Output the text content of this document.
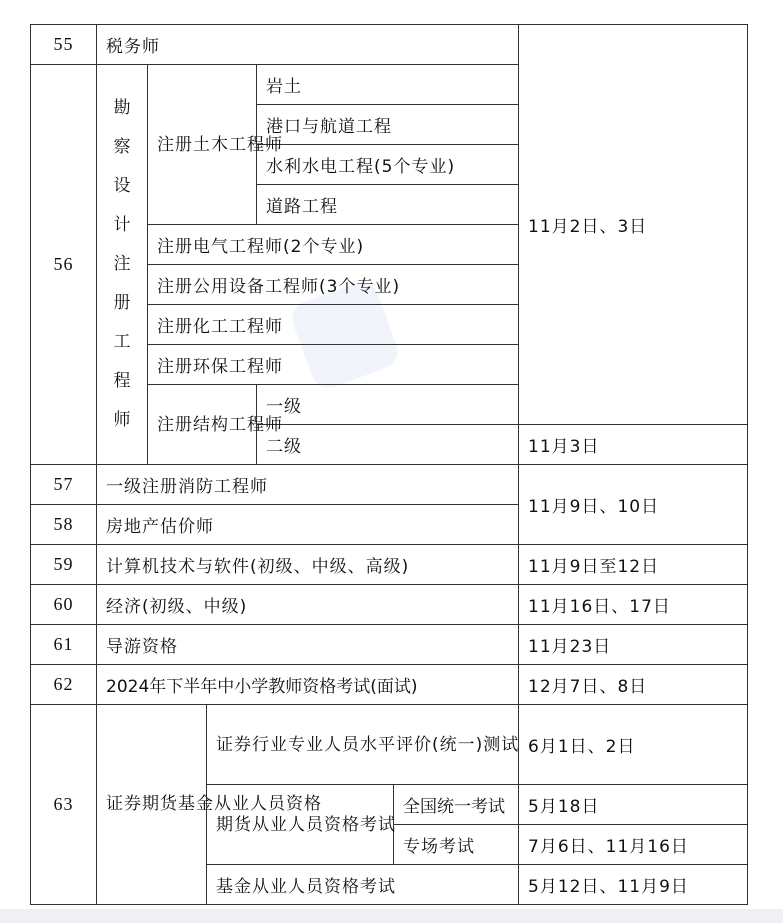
55	税务师					11月2日、3日
56	勘察设计注册工程师	注册土木工程师		岩土		
				港口与航道工程		
				水利水电工程(5个专业)		
				道路工程		
		注册电气工程师(2个专业)				
		注册公用设备工程师(3个专业)				
		注册化工工程师				
		注册环保工程师				
		注册结构工程师		一级		
				二级		11月3日
57	一级注册消防工程师					11月9日、10日
58	房地产估价师					
59	计算机技术与软件(初级、中级、高级)					11月9日至12日
60	经济(初级、中级)					11月16日、17日
61	导游资格					11月23日
62	2024年下半年中小学教师资格考试(面试)					12月7日、8日
63	证券期货基金从业人员资格		证券行业专业人员水平评价(统一)测试			6月1日、2日
			期货从业人员资格考试		全国统一考试	5月18日
					专场考试	7月6日、11月16日
			基金从业人员资格考试			5月12日、11月9日
